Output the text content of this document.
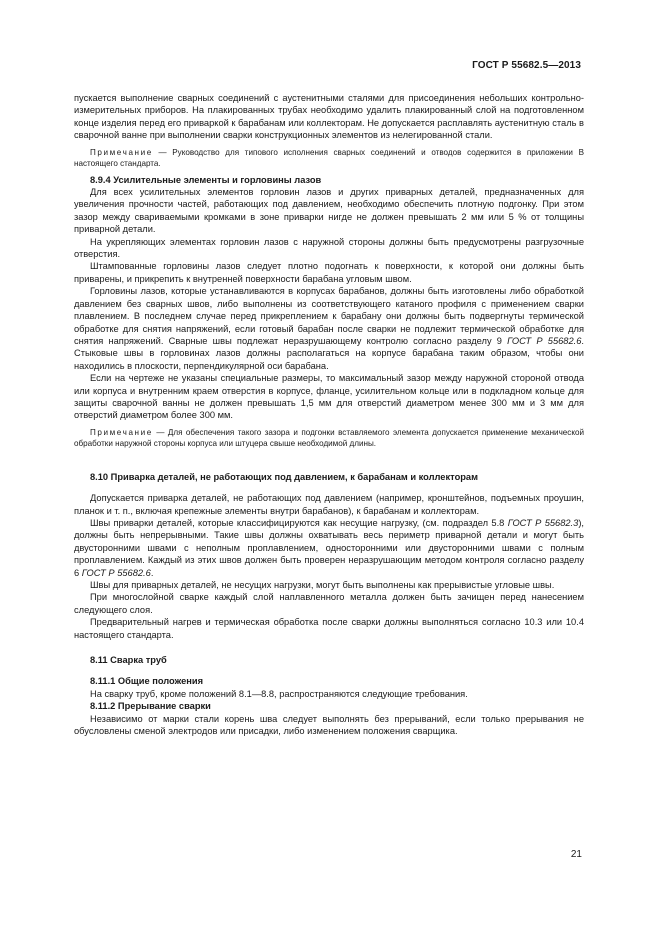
ГОСТ Р 55682.5—2013

пускается выполнение сварных соединений с аустенитными сталями для присоединения небольших контрольно-измерительных приборов. На плакированных трубах необходимо удалить плакированный слой на подготовленном конце изделия перед его приваркой к барабанам или коллекторам. Не допускается расплавлять аустенитную сталь в сварочной ванне при выполнении сварки конструкционных элементов из нелегированной стали.

Примечание — Руководство для типового исполнения сварных соединений и отводов содержится в приложении В настоящего стандарта.

8.9.4 Усилительные элементы и горловины лазов

Для всех усилительных элементов горловин лазов и других приварных деталей, предназначенных для увеличения прочности частей, работающих под давлением, необходимо обеспечить плотную подгонку. При этом зазор между свариваемыми кромками в зоне приварки нигде не должен превышать 2 мм или 5 % от толщины приварной детали.

На укрепляющих элементах горловин лазов с наружной стороны должны быть предусмотрены разгрузочные отверстия.

Штампованные горловины лазов следует плотно подогнать к поверхности, к которой они должны быть приварены, и прикрепить к внутренней поверхности барабана угловым швом.

Горловины лазов, которые устанавливаются в корпусах барабанов, должны быть изготовлены либо обработкой давлением без сварных швов, либо выполнены из соответствующего катаного профиля с применением сварки плавлением. В последнем случае перед прикреплением к барабану они должны быть подвергнуты термической обработке для снятия напряжений, если готовый барабан после сварки не подлежит термической обработке для снятия напряжений. Сварные швы подлежат неразрушающему контролю согласно разделу 9 ГОСТ Р 55682.6. Стыковые швы в горловинах лазов должны располагаться на корпусе барабана таким образом, чтобы они находились в плоскости, перпендикулярной оси барабана.

Если на чертеже не указаны специальные размеры, то максимальный зазор между наружной стороной отвода или корпуса и внутренним краем отверстия в корпусе, фланце, усилительном кольце или в подкладном кольце для защиты сварочной ванны не должен превышать 1,5 мм для отверстий диаметром менее 300 мм и 3 мм для отверстий диаметром более 300 мм.

Примечание — Для обеспечения такого зазора и подгонки вставляемого элемента допускается применение механической обработки наружной стороны корпуса или штуцера свыше необходимой длины.

8.10 Приварка деталей, не работающих под давлением, к барабанам и коллекторам

Допускается приварка деталей, не работающих под давлением (например, кронштейнов, подъемных проушин, планок и т. п., включая крепежные элементы внутри барабанов), к барабанам и коллекторам.

Швы приварки деталей, которые классифицируются как несущие нагрузку, (см. подраздел 5.8 ГОСТ Р 55682.3), должны быть непрерывными. Такие швы должны охватывать весь периметр приварной детали и могут быть двусторонними швами с неполным проплавлением, односторонними или двусторонними швами с полным проплавлением. Каждый из этих швов должен быть проверен неразрушающим методом контроля согласно разделу 6 ГОСТ Р 55682.6.

Швы для приварных деталей, не несущих нагрузки, могут быть выполнены как прерывистые угловые швы.

При многослойной сварке каждый слой наплавленного металла должен быть зачищен перед нанесением следующего слоя.

Предварительный нагрев и термическая обработка после сварки должны выполняться согласно 10.3 или 10.4 настоящего стандарта.

8.11 Сварка труб

8.11.1 Общие положения

На сварку труб, кроме положений 8.1—8.8, распространяются следующие требования.

8.11.2 Прерывание сварки

Независимо от марки стали корень шва следует выполнять без прерываний, если только прерывания не обусловлены сменой электродов или присадки, либо изменением положения сварщика.

21
